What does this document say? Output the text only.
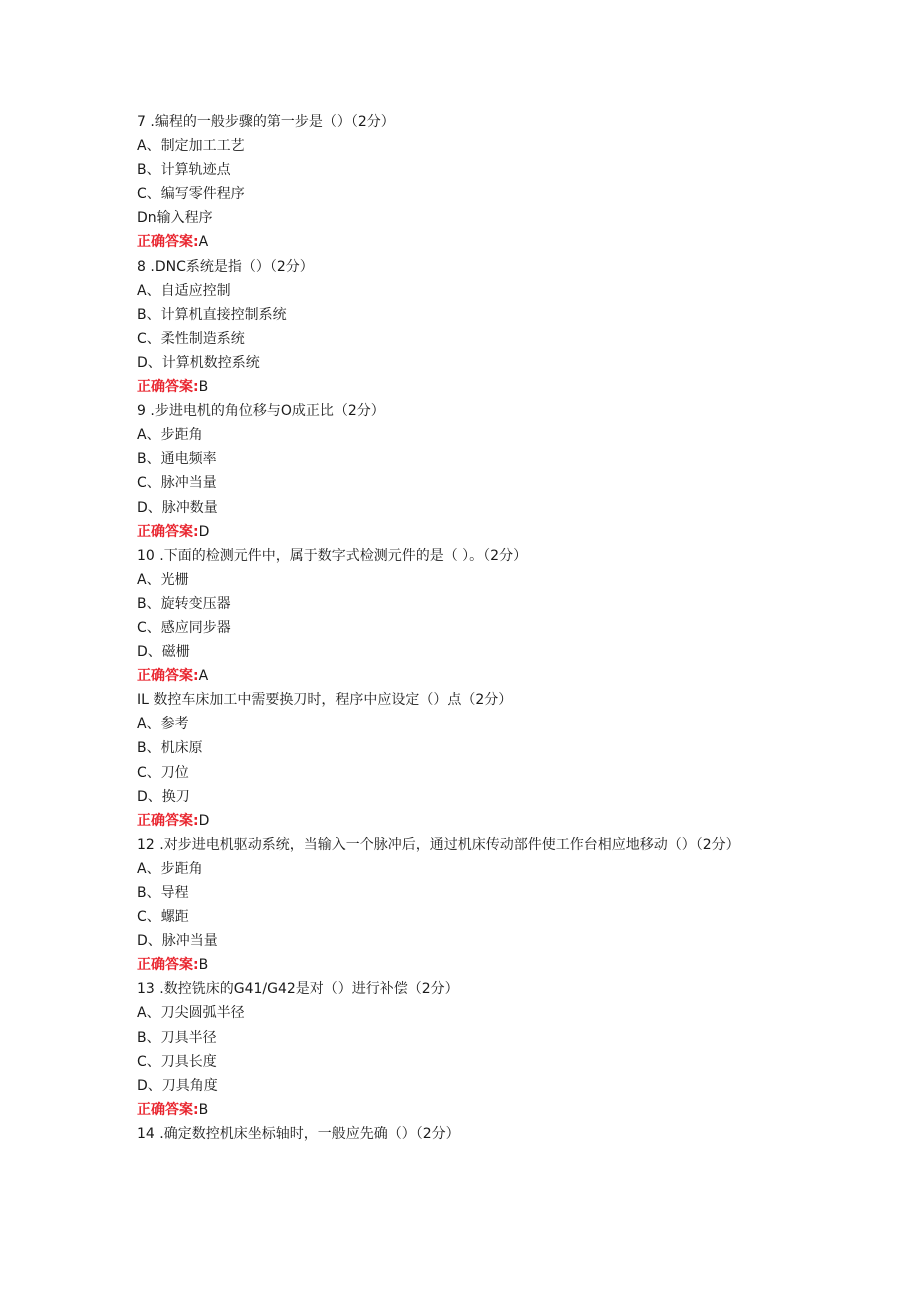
7 .编程的一般步骤的第一步是（）（2分）
A、制定加工工艺
B、计算轨迹点
C、编写零件程序
Dn输入程序
正确答案:A
8 .DNC系统是指（）（2分）
A、自适应控制
B、计算机直接控制系统
C、柔性制造系统
D、计算机数控系统
正确答案:B
9 .步进电机的角位移与O成正比（2分）
A、步距角
B、通电频率
C、脉冲当量
D、脉冲数量
正确答案:D
10 .下面的检测元件中，属于数字式检测元件的是（ ）。（2分）
A、光栅
B、旋转变压器
C、感应同步器
D、磁栅
正确答案:A
IL 数控车床加工中需要换刀时，程序中应设定（）点（2分）
A、参考
B、机床原
C、刀位
D、换刀
正确答案:D
12 .对步进电机驱动系统，当输入一个脉冲后，通过机床传动部件使工作台相应地移动（）（2分）
A、步距角
B、导程
C、螺距
D、脉冲当量
正确答案:B
13 .数控铣床的G41/G42是对（）进行补偿（2分）
A、刀尖圆弧半径
B、刀具半径
C、刀具长度
D、刀具角度
正确答案:B
14 .确定数控机床坐标轴时，一般应先确（）（2分）
